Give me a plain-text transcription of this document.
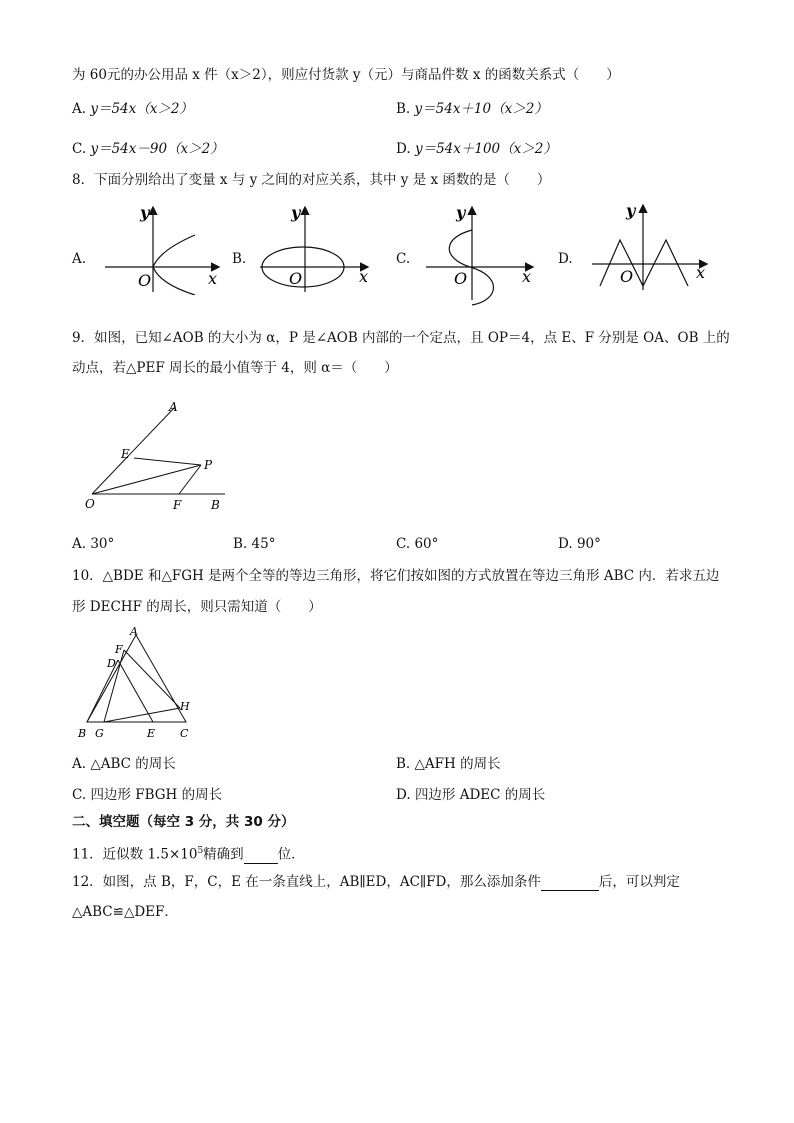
为 60元的办公用品 x 件（x＞2），则应付货款 y（元）与商品件数 x 的函数关系式（　　）
A. y＝54x（x＞2）	B. y＝54x＋10（x＞2）
C. y＝54x－90（x＞2）	D. y＝54x＋100（x＞2）
8．下面分别给出了变量 x 与 y 之间的对应关系，其中 y 是 x 函数的是（　　）
A.
y
O	x
B.
y
O	x
C.
y
O	x
D.
y
O	x
9．如图，已知∠AOB 的大小为 α，P 是∠AOB 内部的一个定点，且 OP＝4，点 E、F 分别是 OA、OB 上的
动点，若△PEF 周长的最小值等于 4，则 α＝（　　）
A
E
P
O	F B
A. 30°	B. 45°	C. 60°	D. 90°
10．△BDE 和△FGH 是两个全等的等边三角形，将它们按如图的方式放置在等边三角形 ABC 内．若求五边
形 DECHF 的周长，则只需知道（　　）
A
F
D
H
B G	E C
A. △ABC 的周长	B. △AFH 的周长
C. 四边形 FBGH 的周长	D. 四边形 ADEC 的周长
二、填空题（每空 3 分，共 30 分）
11．近似数 $1.5\times 10^5$精确到	位．
12．如图，点 B，F，C，E 在一条直线上，AB∥ED，AC∥FD，那么添加条件	后，可以判定
△ABC≌△DEF．
